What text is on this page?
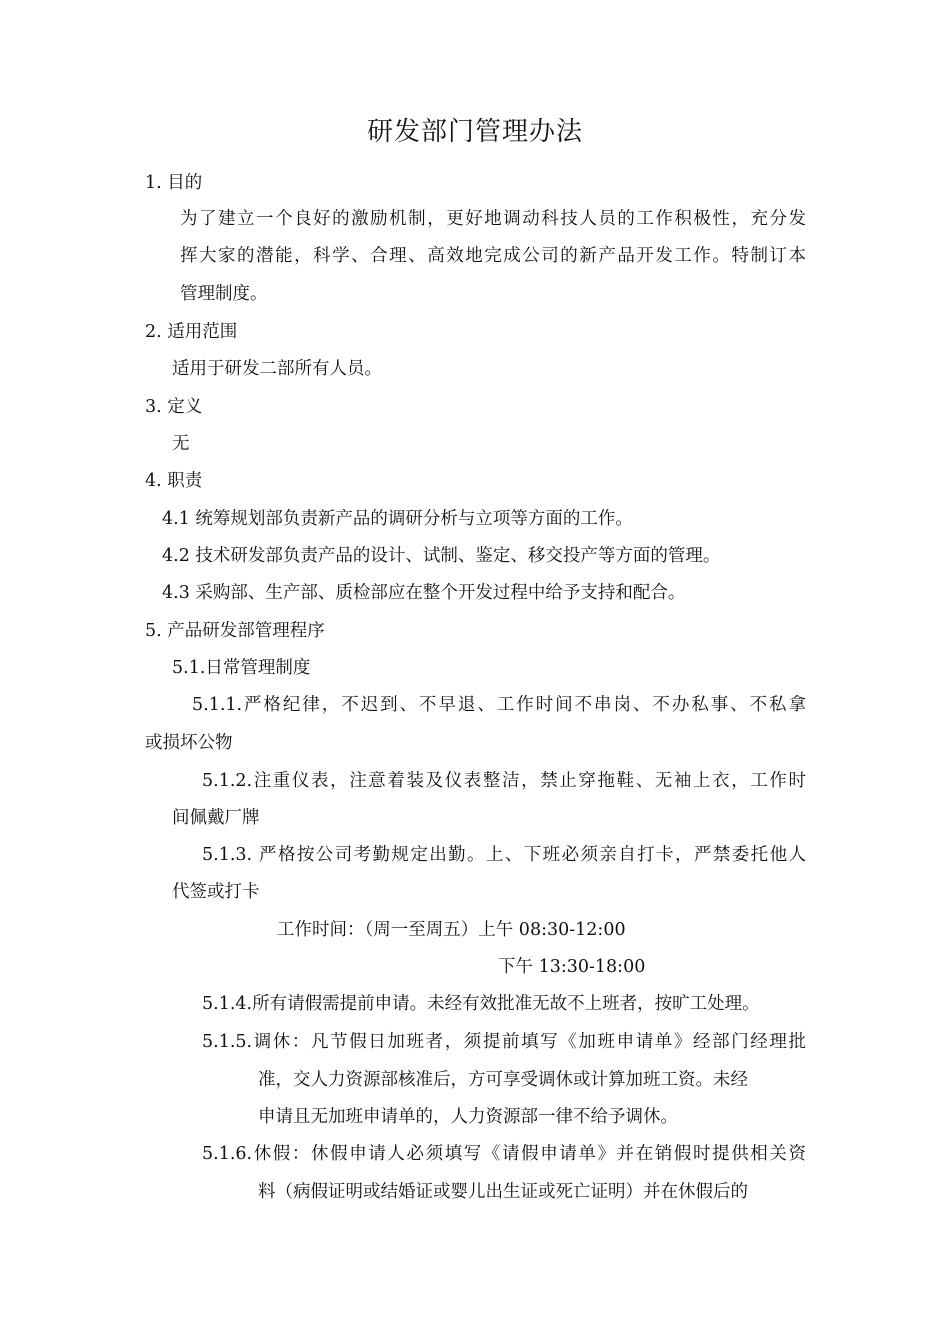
研发部门管理办法
1. 目的
为了建立一个良好的激励机制，更好地调动科技人员的工作积极性，充分发
挥大家的潜能，科学、合理、高效地完成公司的新产品开发工作。特制订本
管理制度。
2. 适用范围
适用于研发二部所有人员。
3. 定义
无
4. 职责
4.1 统筹规划部负责新产品的调研分析与立项等方面的工作。
4.2 技术研发部负责产品的设计、试制、鉴定、移交投产等方面的管理。
4.3 采购部、生产部、质检部应在整个开发过程中给予支持和配合。
5. 产品研发部管理程序
5.1.日常管理制度
5.1.1.严格纪律，不迟到、不早退、工作时间不串岗、不办私事、不私拿
或损坏公物
5.1.2.注重仪表，注意着装及仪表整洁，禁止穿拖鞋、无袖上衣，工作时
间佩戴厂牌
5.1.3. 严格按公司考勤规定出勤。上、下班必须亲自打卡，严禁委托他人
代签或打卡
工作时间：（周一至周五）上午 08:30-12:00
下午 13:30-18:00
5.1.4.所有请假需提前申请。未经有效批准无故不上班者，按旷工处理。
5.1.5.调休：凡节假日加班者，须提前填写《加班申请单》经部门经理批
准，交人力资源部核准后，方可享受调休或计算加班工资。未经
申请且无加班申请单的，人力资源部一律不给予调休。
5.1.6.休假：休假申请人必须填写《请假申请单》并在销假时提供相关资
料（病假证明或结婚证或婴儿出生证或死亡证明）并在休假后的
